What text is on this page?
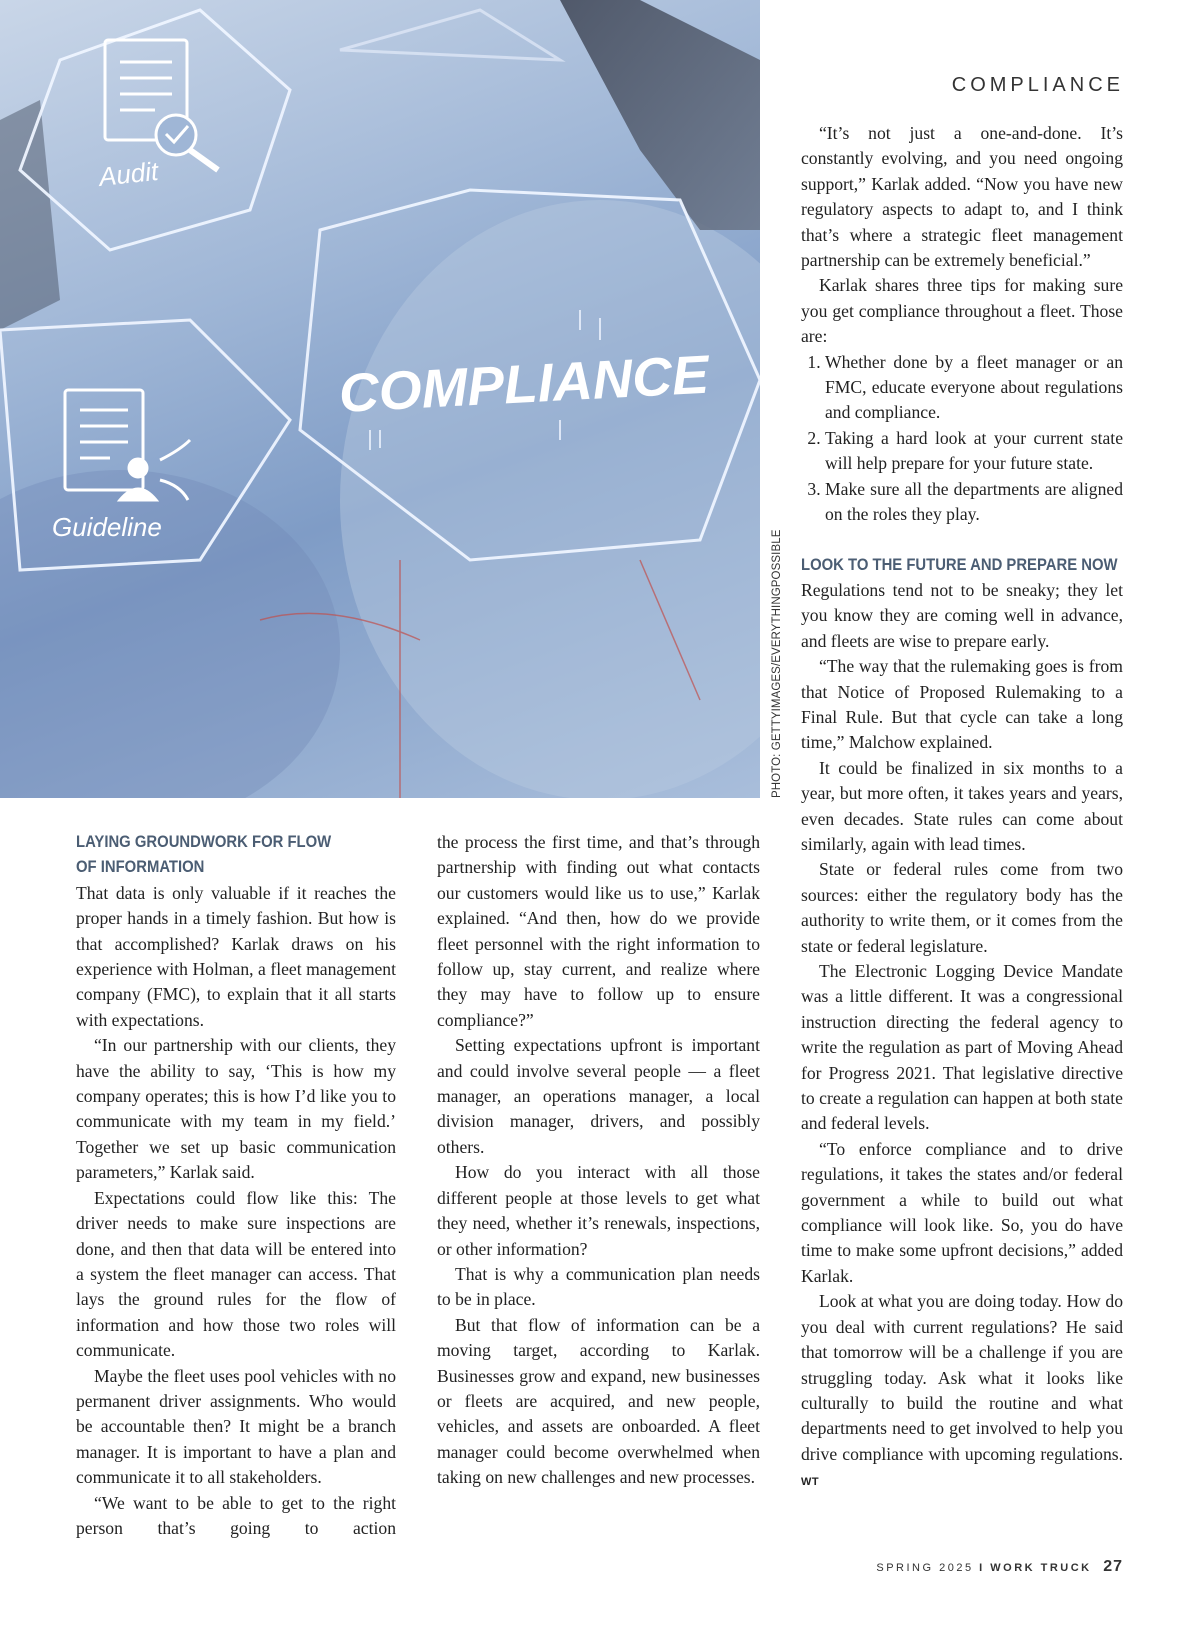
Audit
Guideline
COMPLIANCE
PHOTO: GETTYIMAGES/EVERYTHINGPOSSIBLE
COMPLIANCE
LAYING GROUNDWORK FOR FLOW
OF INFORMATION

That data is only valuable if it reaches the proper hands in a timely fashion. But how is that accomplished? Karlak draws on his experience with Holman, a fleet management company (FMC), to explain that it all starts with expectations.

“In our partnership with our clients, they have the ability to say, ‘This is how my company operates; this is how I’d like you to communicate with my team in my field.’ Together we set up basic communication parameters,” Karlak said.

Expectations could flow like this: The driver needs to make sure inspections are done, and then that data will be entered into a system the fleet manager can access. That lays the ground rules for the flow of information and how those two roles will communicate.

Maybe the fleet uses pool vehicles with no permanent driver assignments. Who would be accountable then? It might be a branch manager. It is important to have a plan and communicate it to all stakeholders.

“We want to be able to get to the right person that’s going to action

the process the first time, and that’s through partnership with finding out what contacts our customers would like us to use,” Karlak explained. “And then, how do we provide fleet personnel with the right information to follow up, stay current, and realize where they may have to follow up to ensure compliance?”

Setting expectations upfront is important and could involve several people — a fleet manager, an operations manager, a local division manager, drivers, and possibly others.

How do you interact with all those different people at those levels to get what they need, whether it’s renewals, inspections, or other information?

That is why a communication plan needs to be in place.

But that flow of information can be a moving target, according to Karlak. Businesses grow and expand, new businesses or fleets are acquired, and new people, vehicles, and assets are onboarded. A fleet manager could become overwhelmed when taking on new challenges and new processes.

“It’s not just a one-and-done. It’s constantly evolving, and you need ongoing support,” Karlak added. “Now you have new regulatory aspects to adapt to, and I think that’s where a strategic fleet management partnership can be extremely beneficial.”

Karlak shares three tips for making sure you get compliance throughout a fleet. Those are:

1. Whether done by a fleet manager or an FMC, educate everyone about regulations and compliance.
2. Taking a hard look at your current state will help prepare for your future state.
3. Make sure all the departments are aligned on the roles they play.
LOOK TO THE FUTURE AND PREPARE NOW

Regulations tend not to be sneaky; they let you know they are coming well in advance, and fleets are wise to prepare early.

“The way that the rulemaking goes is from that Notice of Proposed Rulemaking to a Final Rule. But that cycle can take a long time,” Malchow explained.

It could be finalized in six months to a year, but more often, it takes years and years, even decades. State rules can come about similarly, again with lead times.

State or federal rules come from two sources: either the regulatory body has the authority to write them, or it comes from the state or federal legislature.

The Electronic Logging Device Mandate was a little different. It was a congressional instruction directing the federal agency to write the regulation as part of Moving Ahead for Progress 2021. That legislative directive to create a regulation can happen at both state and federal levels.

“To enforce compliance and to drive regulations, it takes the states and/or federal government a while to build out what compliance will look like. So, you do have time to make some upfront decisions,” added Karlak.

Look at what you are doing today. How do you deal with current regulations? He said that tomorrow will be a challenge if you are struggling today. Ask what it looks like culturally to build the routine and what departments need to get involved to help you drive compliance with upcoming regulations. WT

SPRING 2025 I WORK TRUCK 27
